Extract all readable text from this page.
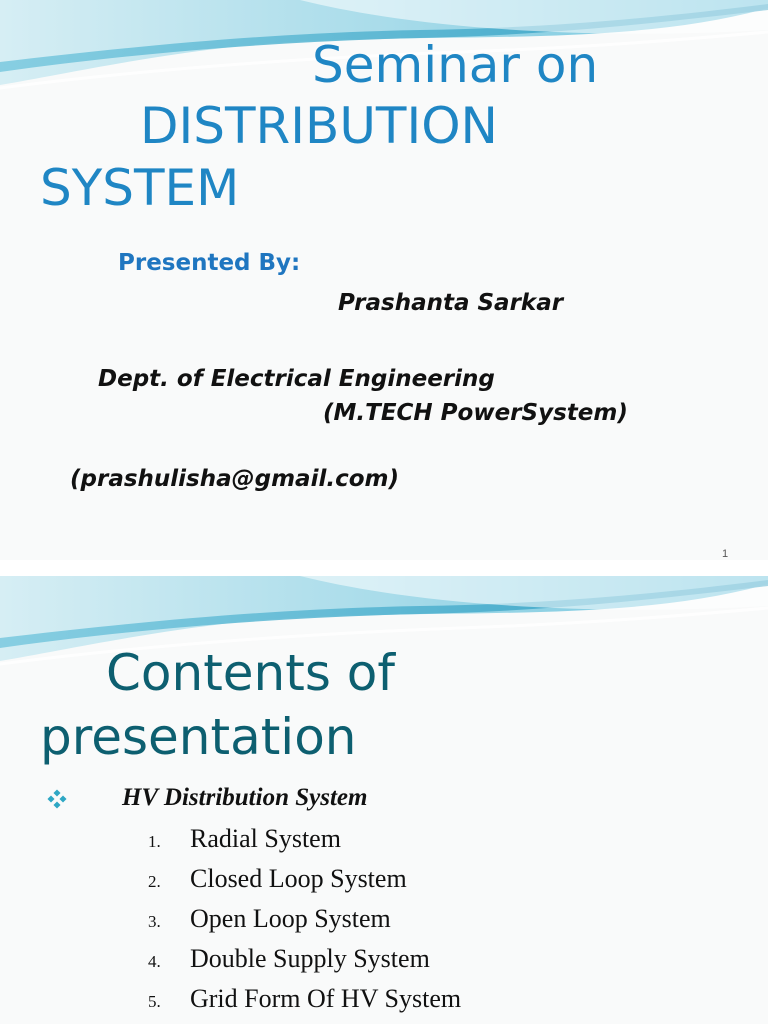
Seminar on

DISTRIBUTION

SYSTEM

Presented By:

Prashanta Sarkar

Dept. of Electrical Engineering

(M.TECH PowerSystem)

(prashulisha@gmail.com)

1

Contents of

presentation

HV Distribution System

1. Radial System

2. Closed Loop System

3. Open Loop System

4. Double Supply System

5. Grid Form Of HV System
